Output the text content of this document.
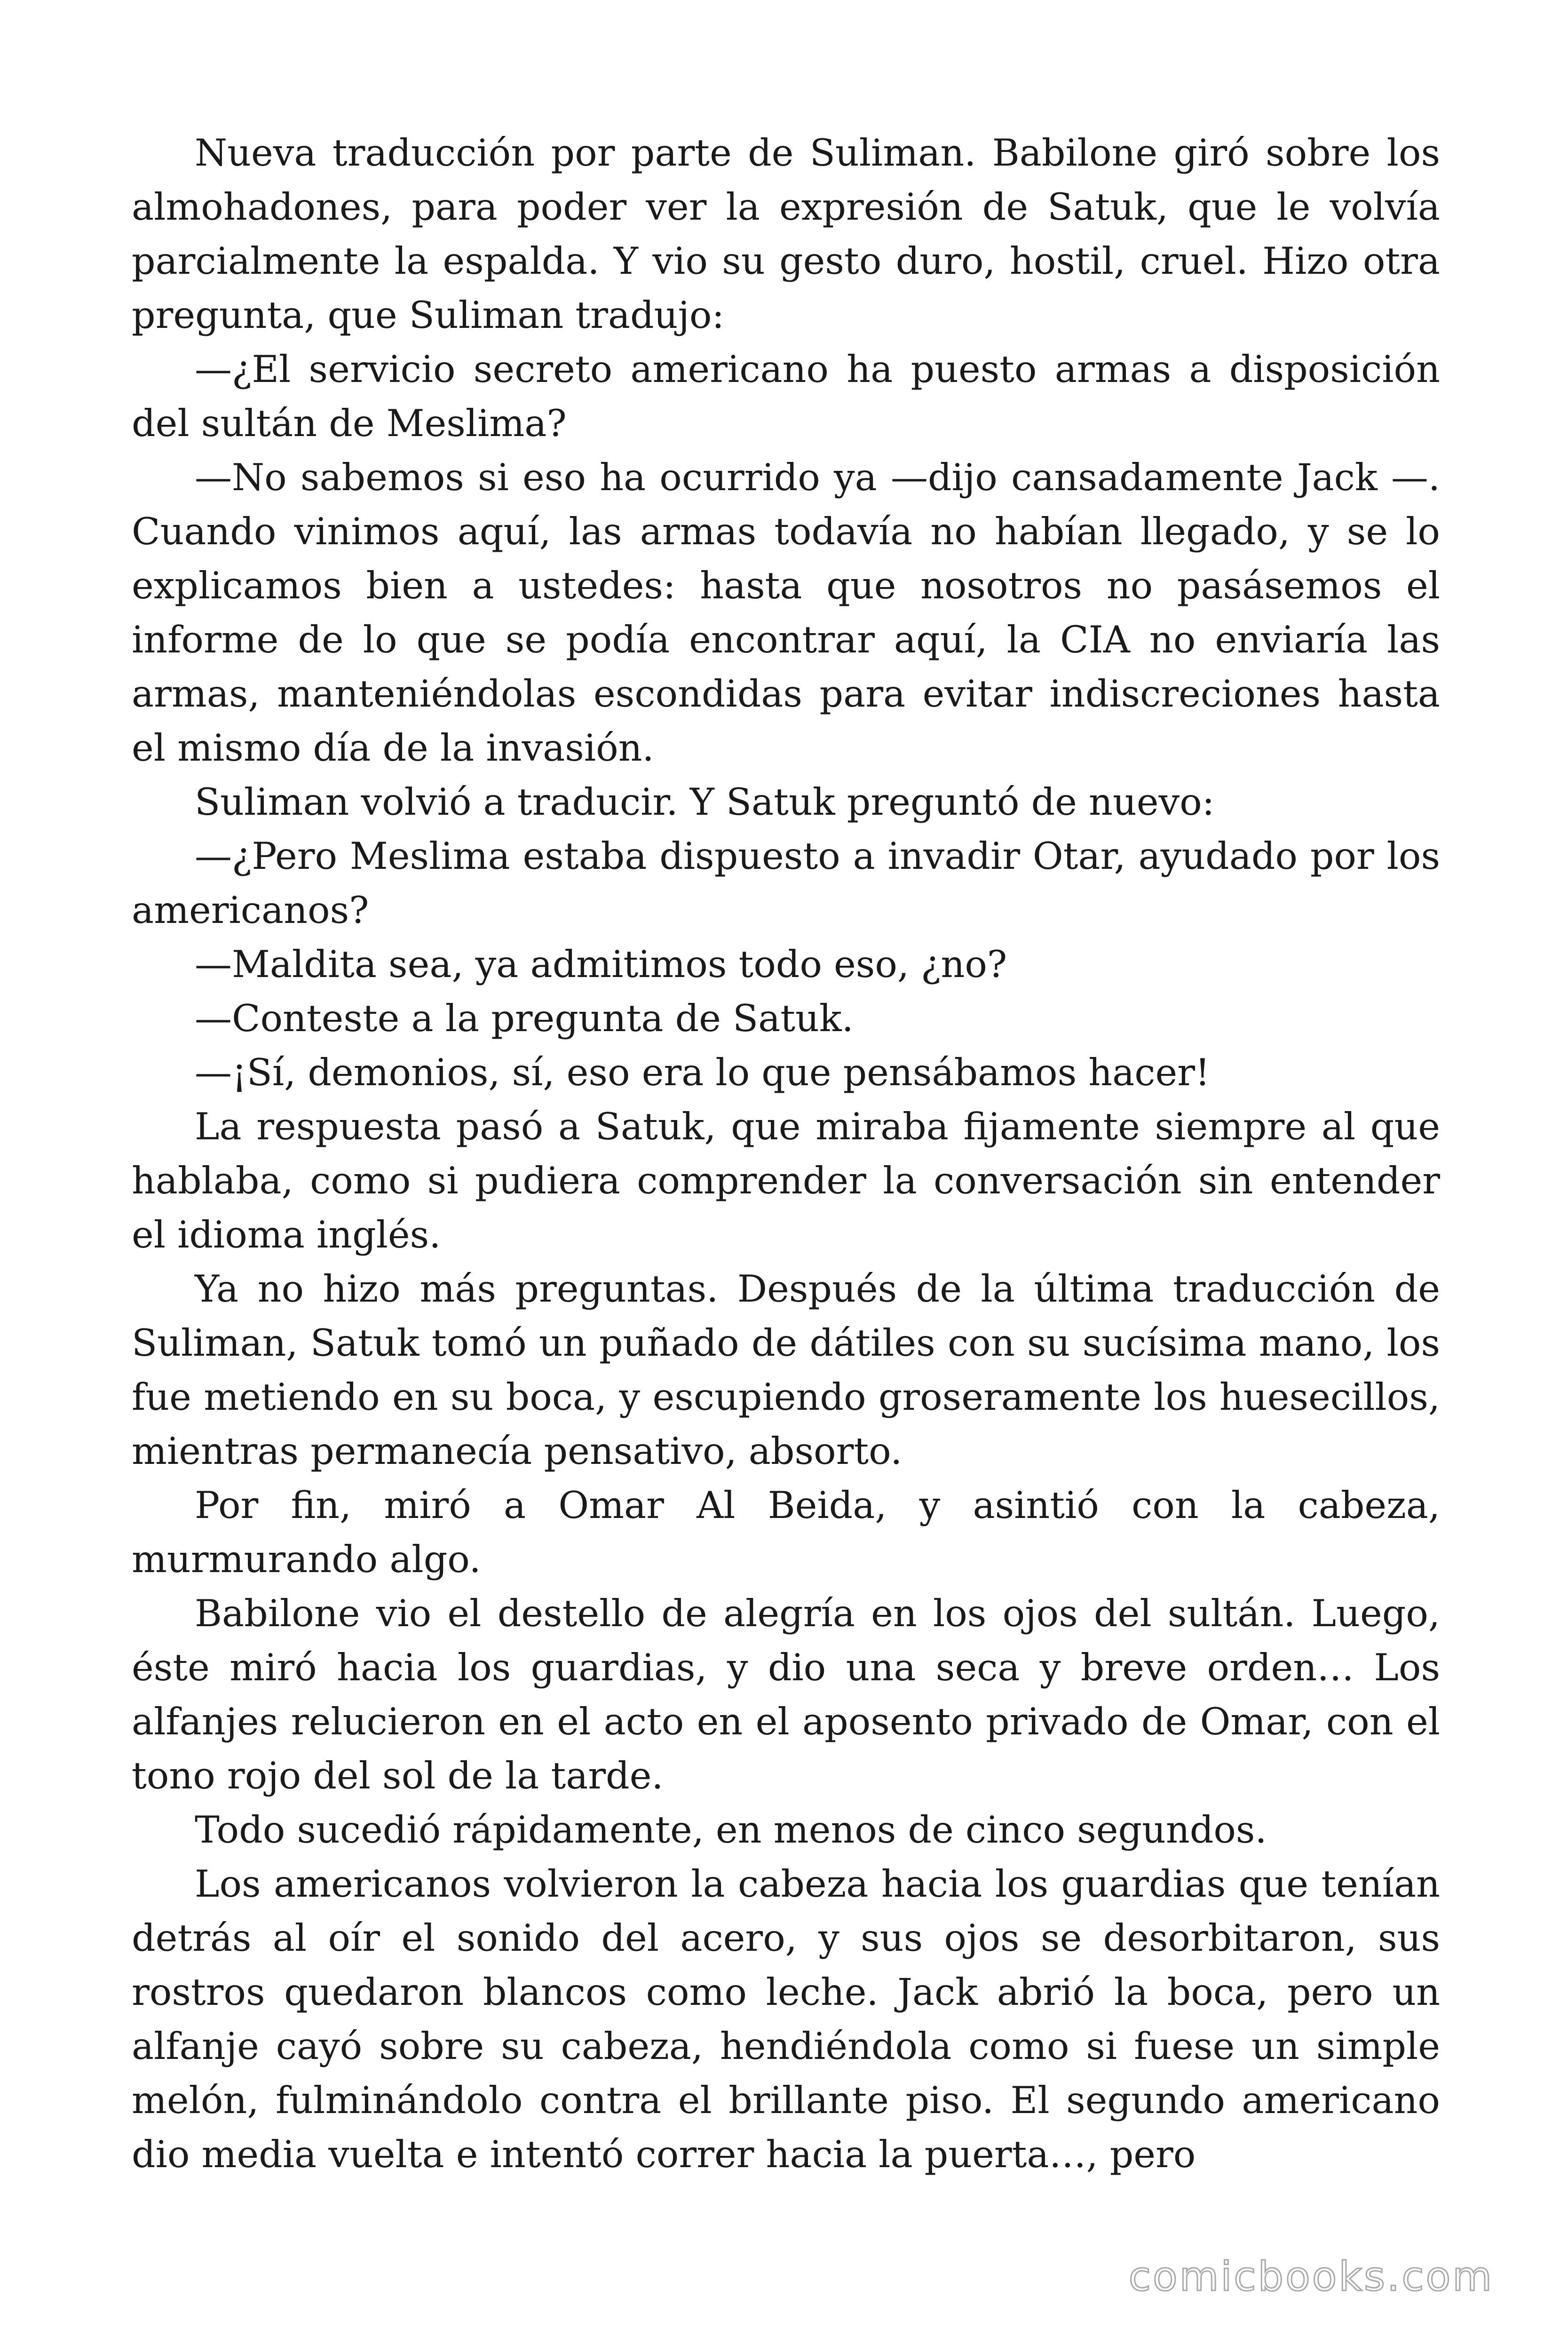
Nueva traducción por parte de Suliman. Babilone giró sobre los almohadones, para poder ver la expresión de Satuk, que le volvía parcialmente la espalda. Y vio su gesto duro, hostil, cruel. Hizo otra pregunta, que Suliman tradujo:

—¿El servicio secreto americano ha puesto armas a disposición del sultán de Meslima?

—No sabemos si eso ha ocurrido ya —dijo cansadamente Jack —. Cuando vinimos aquí, las armas todavía no habían llegado, y se lo explicamos bien a ustedes: hasta que nosotros no pasásemos el informe de lo que se podía encontrar aquí, la CIA no enviaría las armas, manteniéndolas escondidas para evitar indiscreciones hasta el mismo día de la invasión.

Suliman volvió a traducir. Y Satuk preguntó de nuevo:

—¿Pero Meslima estaba dispuesto a invadir Otar, ayudado por los americanos?

—Maldita sea, ya admitimos todo eso, ¿no?

—Conteste a la pregunta de Satuk.

—¡Sí, demonios, sí, eso era lo que pensábamos hacer!

La respuesta pasó a Satuk, que miraba fijamente siempre al que hablaba, como si pudiera comprender la conversación sin entender el idioma inglés.

Ya no hizo más preguntas. Después de la última traducción de Suliman, Satuk tomó un puñado de dátiles con su sucísima mano, los fue metiendo en su boca, y escupiendo groseramente los huesecillos, mientras permanecía pensativo, absorto.

Por fin, miró a Omar Al Beida, y asintió con la cabeza, murmurando algo.

Babilone vio el destello de alegría en los ojos del sultán. Luego, éste miró hacia los guardias, y dio una seca y breve orden… Los alfanjes relucieron en el acto en el aposento privado de Omar, con el tono rojo del sol de la tarde.

Todo sucedió rápidamente, en menos de cinco segundos.

Los americanos volvieron la cabeza hacia los guardias que tenían detrás al oír el sonido del acero, y sus ojos se desorbitaron, sus rostros quedaron blancos como leche. Jack abrió la boca, pero un alfanje cayó sobre su cabeza, hendiéndola como si fuese un simple melón, fulminándolo contra el brillante piso. El segundo americano dio media vuelta e intentó correr hacia la puerta…, pero

comicbooks.com
